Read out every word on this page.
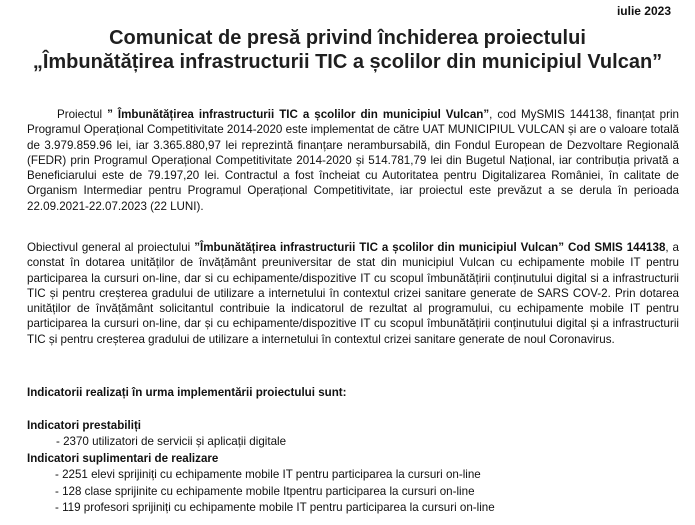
iulie 2023
Comunicat de presă privind închiderea proiectului
„Îmbunătățirea infrastructurii TIC a școlilor din municipiul Vulcan”
Proiectul ” Îmbunătățirea infrastructurii TIC a școlilor din municipiul Vulcan”, cod MySMIS 144138, finanțat prin Programul Operațional Competitivitate 2014-2020 este implementat de către UAT MUNICIPIUL VULCAN și are o valoare totală de 3.979.859.96 lei, iar 3.365.880,97 lei reprezintă finanțare nerambursabilă, din Fondul European de Dezvoltare Regională (FEDR) prin Programul Operațional Competitivitate 2014-2020 și 514.781,79 lei din Bugetul Național, iar contribuția privată a Beneficiarului este de 79.197,20 lei. Contractul a fost încheiat cu Autoritatea pentru Digitalizarea României, în calitate de Organism Intermediar pentru Programul Operațional Competitivitate, iar proiectul este prevăzut a se derula în perioada 22.09.2021-22.07.2023 (22 LUNI).
Obiectivul general al proiectului ”Îmbunătățirea infrastructurii TIC a școlilor din municipiul Vulcan” Cod SMIS 144138, a constat în dotarea unităților de învățământ preuniversitar de stat din municipiul Vulcan cu echipamente mobile IT pentru participarea la cursuri on-line, dar si cu echipamente/dispozitive IT cu scopul îmbunătățirii conținutului digital si a infrastructurii TIC și pentru creșterea gradului de utilizare a internetului în contextul crizei sanitare generate de SARS COV-2. Prin dotarea unităților de învățământ solicitantul contribuie la indicatorul de rezultat al programului, cu echipamente mobile IT pentru participarea la cursuri on-line, dar și cu echipamente/dispozitive IT cu scopul îmbunătățirii conținutului digital și a infrastructurii TIC și pentru creșterea gradului de utilizare a internetului în contextul crizei sanitare generate de noul Coronavirus.
Indicatorii realizați în urma implementării proiectului sunt:
Indicatori prestabiliți
- 2370 utilizatori de servicii și aplicații digitale
Indicatori suplimentari de realizare
- 2251 elevi sprijiniți cu echipamente mobile IT pentru participarea la cursuri on-line
- 128 clase sprijinite cu echipamente mobile Itpentru participarea la cursuri on-line
- 119 profesori sprijiniți cu echipamente mobile IT pentru participarea la cursuri on-line
